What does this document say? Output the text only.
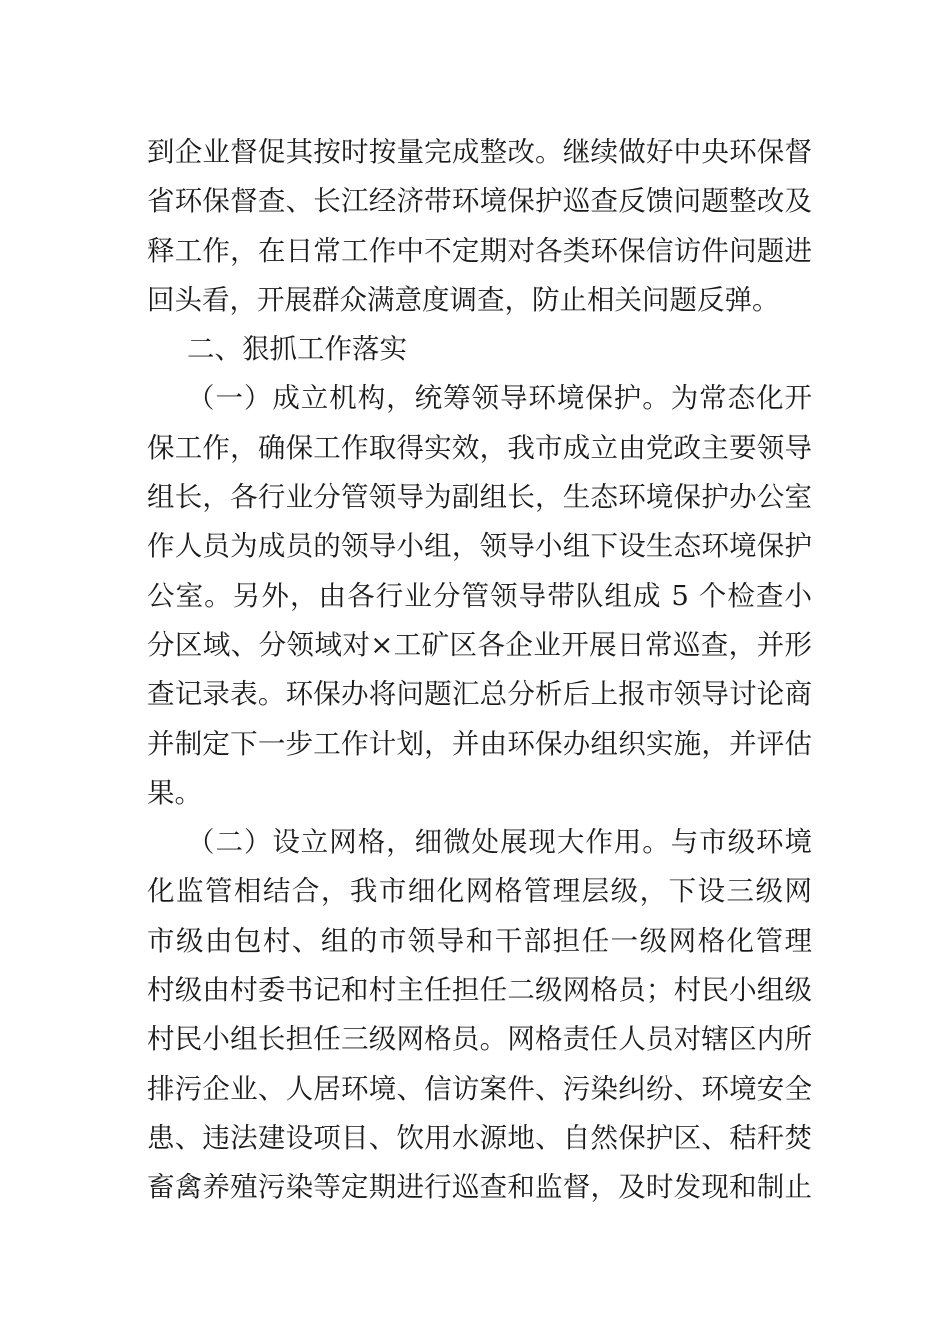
到企业督促其按时按量完成整改。继续做好中央环保督
省环保督查、长江经济带环境保护巡查反馈问题整改及
释工作，在日常工作中不定期对各类环保信访件问题进
回头看，开展群众满意度调查，防止相关问题反弹。
二、狠抓工作落实
（一）成立机构，统筹领导环境保护。为常态化开
保工作，确保工作取得实效，我市成立由党政主要领导
组长，各行业分管领导为副组长，生态环境保护办公室
作人员为成员的领导小组，领导小组下设生态环境保护
公室。另外，由各行业分管领导带队组成 5 个检查小
分区域、分领域对×工矿区各企业开展日常巡查，并形
查记录表。环保办将问题汇总分析后上报市领导讨论商
并制定下一步工作计划，并由环保办组织实施，并评估
果。
（二）设立网格，细微处展现大作用。与市级环境
化监管相结合，我市细化网格管理层级，下设三级网
市级由包村、组的市领导和干部担任一级网格化管理
村级由村委书记和村主任担任二级网格员；村民小组级
村民小组长担任三级网格员。网格责任人员对辖区内所
排污企业、人居环境、信访案件、污染纠纷、环境安全
患、违法建设项目、饮用水源地、自然保护区、秸秆焚
畜禽养殖污染等定期进行巡查和监督，及时发现和制止
